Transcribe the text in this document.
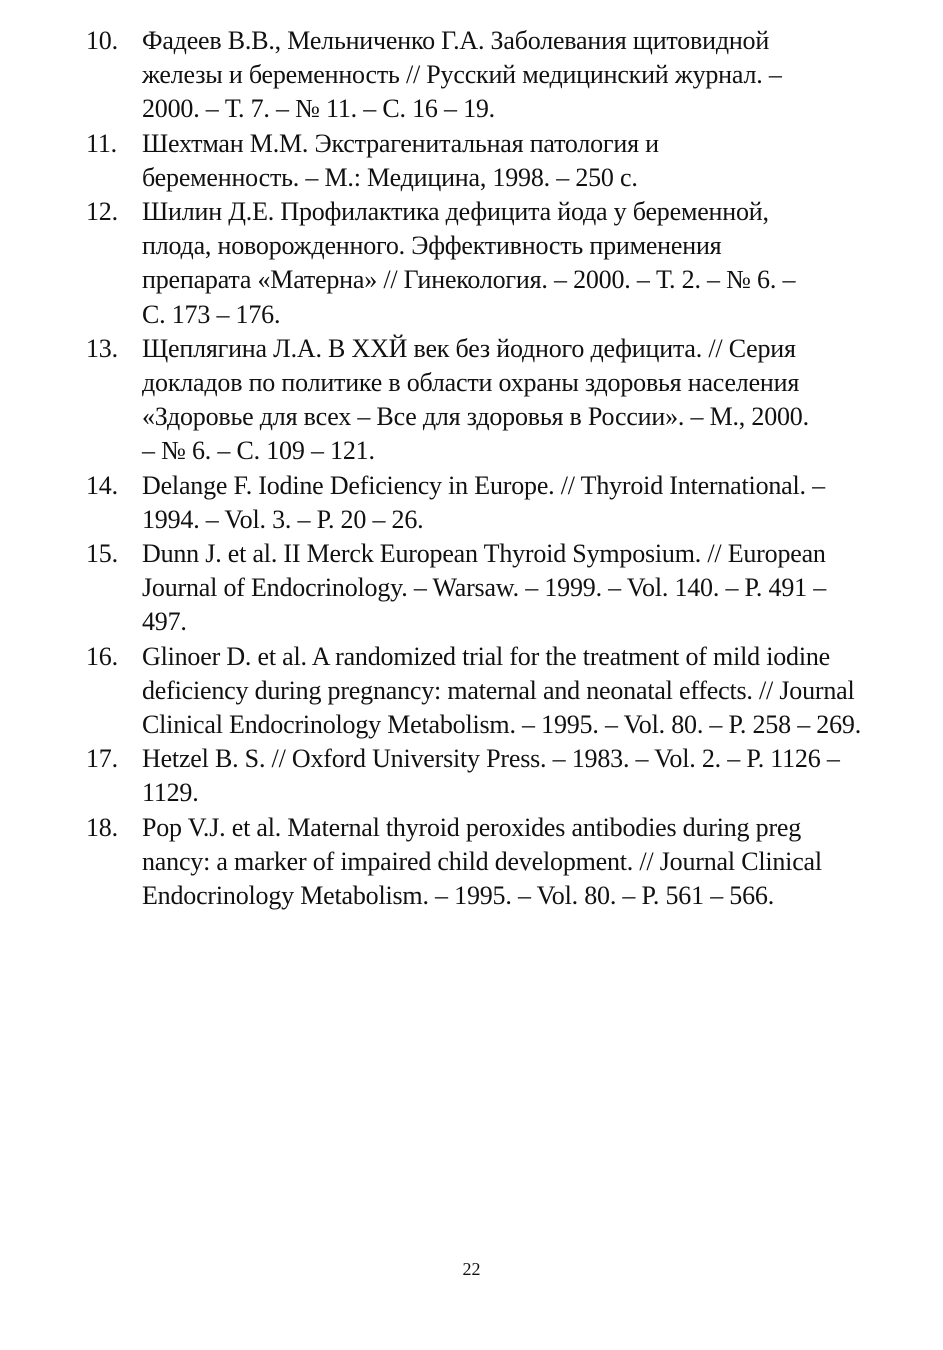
10. Фадеев В.В., Мельниченко Г.А. Заболевания щитовидной
железы и беременность // Русский медицинский журнал. –
2000. – Т. 7. – № 11. – С. 16 – 19.
11. Шехтман М.М. Экстрагенитальная патология и
беременность. – М.: Медицина, 1998. – 250 с.
12. Шилин Д.Е. Профилактика дефицита йода у беременной,
плода, новорожденного. Эффективность применения
препарата «Матерна» // Гинекология. – 2000. – Т. 2. – № 6. –
С. 173 – 176.
13. Щеплягина Л.А. В XXЙ век без йодного дефицита. // Серия
докладов по политике в области охраны здоровья населения
«Здоровье для всех – Все для здоровья в России». – М., 2000.
– № 6. – С. 109 – 121.
14. Delange F. Iodine Deficiency in Europe. // Thyroid International. –
1994. – Vol. 3. – P. 20 – 26.
15. Dunn J. et al. II Merck European Thyroid Symposium. // European
Journal of Endocrinology. – Warsaw. – 1999. – Vol. 140. – P. 491 – 497.
16. Glinoer D. et al. A randomized trial for the treatment of mild iodine
deficiency during pregnancy: maternal and neonatal effects. // Journal
Clinical Endocrinology Metabolism. – 1995. – Vol. 80. – P. 258 – 269.
17. Hetzel B. S. // Oxford University Press. – 1983. – Vol. 2. – P. 1126 – 1129.
18. Pop V.J. et al. Maternal thyroid peroxides antibodies during preg
nancy: a marker of impaired child development. // Journal Clinical
Endocrinology Metabolism. – 1995. – Vol. 80. – P. 561 – 566.
22
